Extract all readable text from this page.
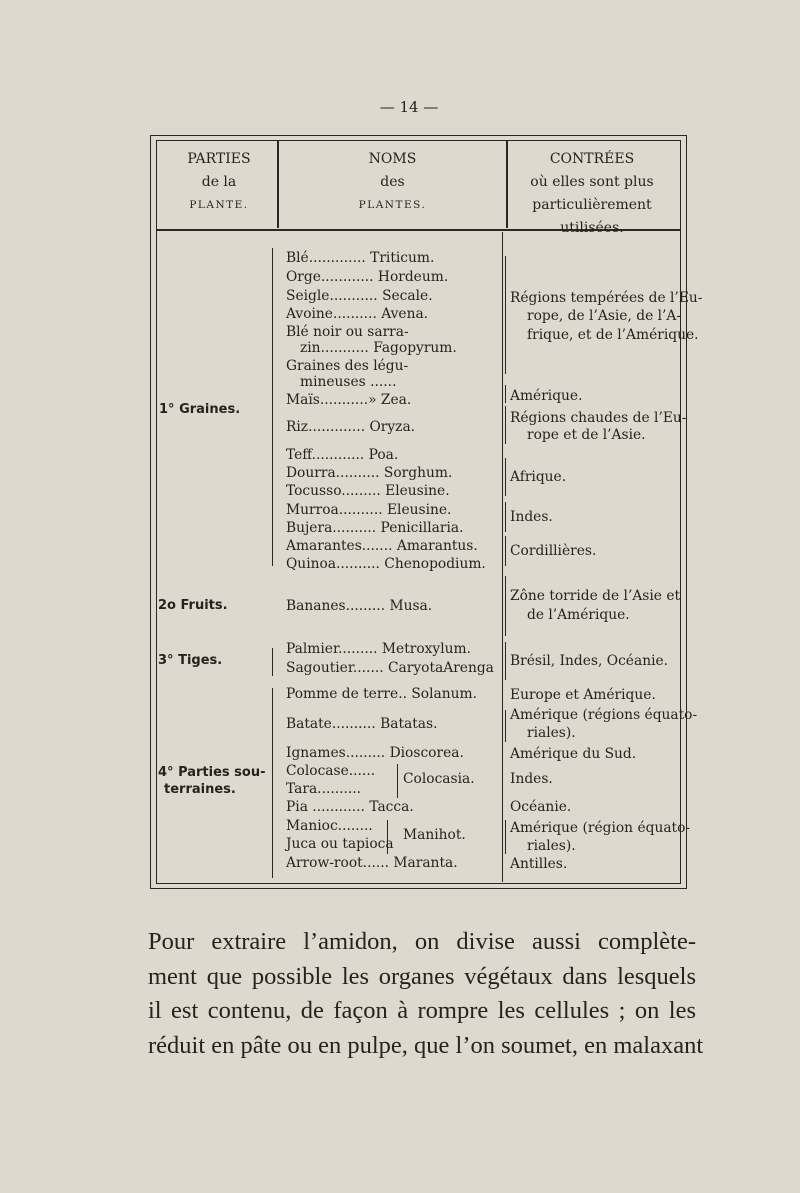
— 14 —
PARTIES
de la
PLANTE.
NOMS
des
PLANTES.
CONTRÉES
où elles sont plus
particulièrement utilisées.
1° Graines.
2o Fruits.
3° Tiges.
4° Parties sou-
terraines.
Blé............. Triticum.
Orge............ Hordeum.
Seigle........... Secale.
Avoine.......... Avena.
Blé noir ou sarra-
zin........... Fagopyrum.
Graines des légu-
mineuses ......
Maïs...........» Zea.
Riz............. Oryza.
Teff............ Poa.
Dourra.......... Sorghum.
Tocusso......... Eleusine.
Murroa.......... Eleusine.
Bujera.......... Penicillaria.
Amarantes....... Amarantus.
Quinoa.......... Chenopodium.
Bananes......... Musa.
Palmier......... Metroxylum.
Sagoutier....... CaryotaArenga
Pomme de terre.. Solanum.
Batate.......... Batatas.
Ignames......... Dioscorea.
Colocase......
Tara..........
Pia ............ Tacca.
Manioc........
Juca ou tapioca
Arrow-root...... Maranta.
Colocasia.
Manihot.
Régions tempérées de l’Eu-
rope, de l’Asie, de l’A-
frique, et de l’Amérique.
Amérique.
Régions chaudes de l’Eu-
rope et de l’Asie.
Afrique.
Indes.
Cordillières.
Zône torride de l’Asie et
de l’Amérique.
Brésil, Indes, Océanie.
Europe et Amérique.
Amérique (régions équato-
riales).
Amérique du Sud.
Indes.
Océanie.
Amérique (région équato-
riales).
Antilles.
Pour extraire l’amidon, on divise aussi complète-
ment que possible les organes végétaux dans lesquels
il est contenu, de façon à rompre les cellules ; on les
réduit en pâte ou en pulpe, que l’on soumet, en malaxant
